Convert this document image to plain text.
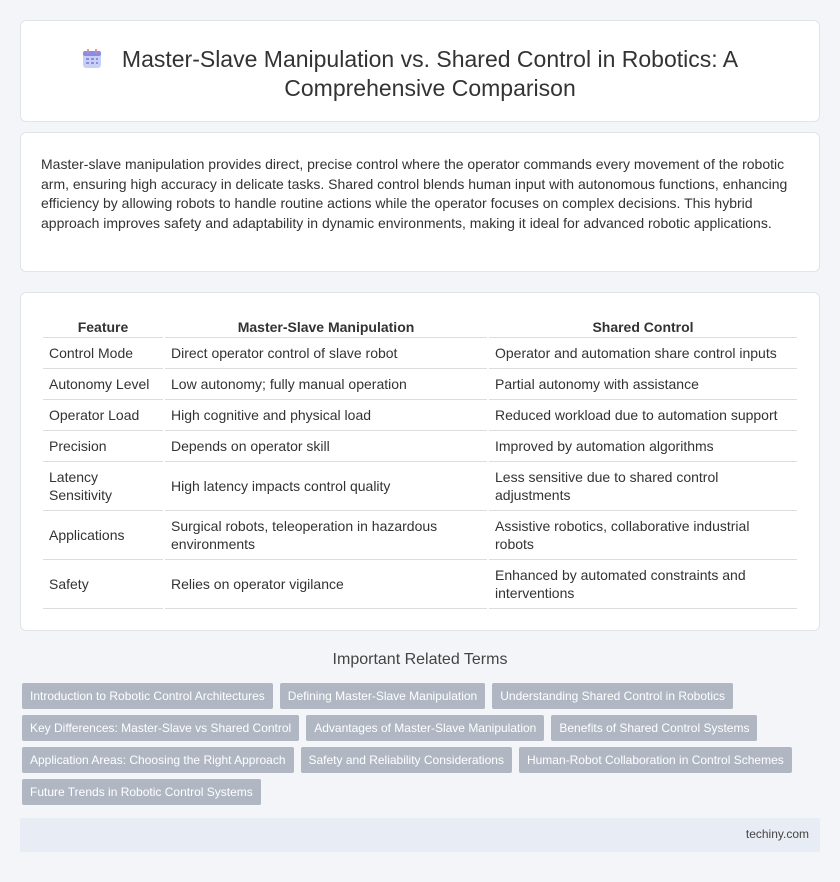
Master-Slave Manipulation vs. Shared Control in Robotics: A Comprehensive Comparison

Master-slave manipulation provides direct, precise control where the operator commands every movement of the robotic arm, ensuring high accuracy in delicate tasks. Shared control blends human input with autonomous functions, enhancing efficiency by allowing robots to handle routine actions while the operator focuses on complex decisions. This hybrid approach improves safety and adaptability in dynamic environments, making it ideal for advanced robotic applications.

Feature	Master-Slave Manipulation	Shared Control
Control Mode	Direct operator control of slave robot	Operator and automation share control inputs
Autonomy Level	Low autonomy; fully manual operation	Partial autonomy with assistance
Operator Load	High cognitive and physical load	Reduced workload due to automation support
Precision	Depends on operator skill	Improved by automation algorithms
Latency Sensitivity	High latency impacts control quality	Less sensitive due to shared control adjustments
Applications	Surgical robots, teleoperation in hazardous environments	Assistive robotics, collaborative industrial robots
Safety	Relies on operator vigilance	Enhanced by automated constraints and interventions
Important Related Terms
Introduction to Robotic Control Architectures	Defining Master-Slave Manipulation	Understanding Shared Control in Robotics
Key Differences: Master-Slave vs Shared Control	Advantages of Master-Slave Manipulation	Benefits of Shared Control Systems
Application Areas: Choosing the Right Approach	Safety and Reliability Considerations	Human-Robot Collaboration in Control Schemes
Future Trends in Robotic Control Systems
techiny.com
